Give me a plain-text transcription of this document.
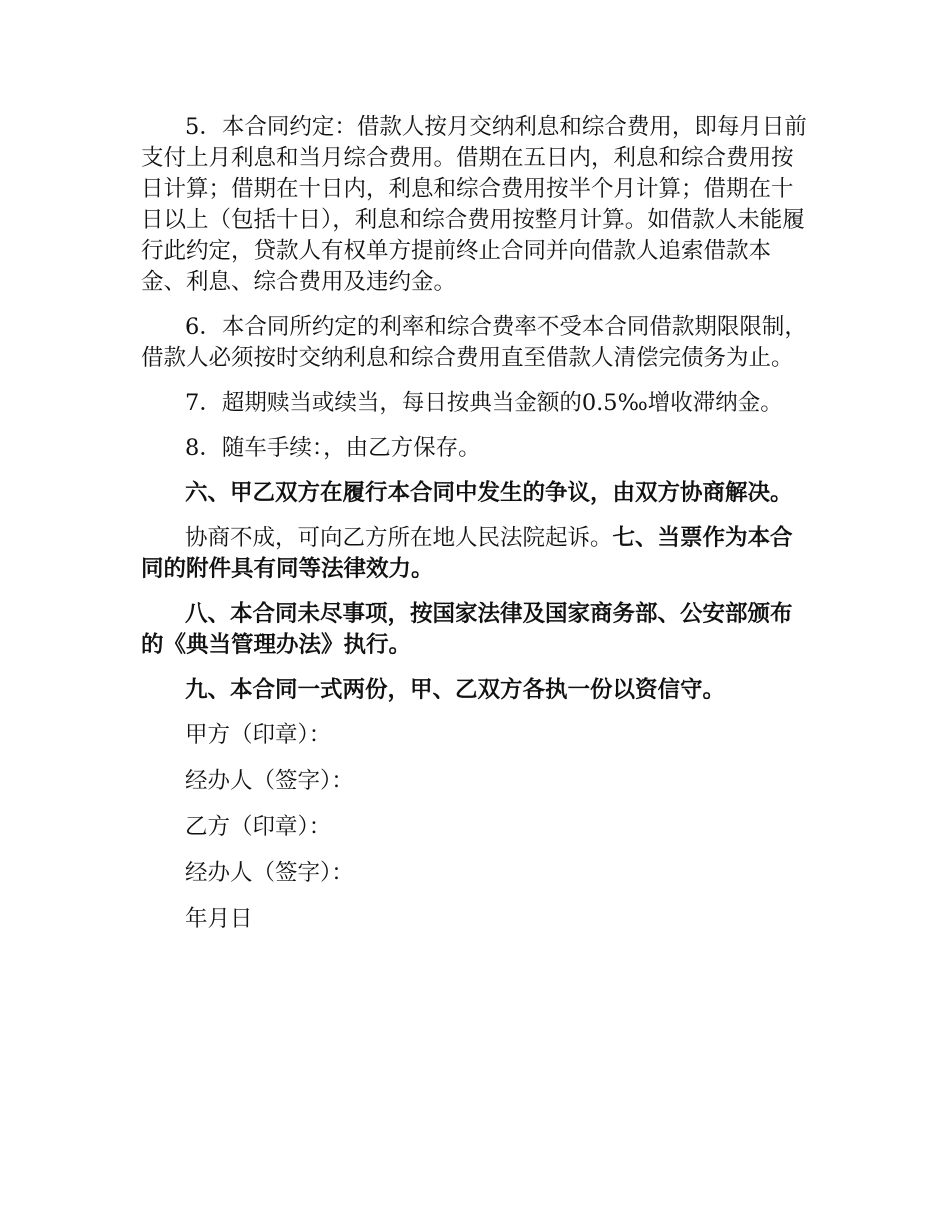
5．本合同约定：借款人按月交纳利息和综合费用，即每月日前支付上月利息和当月综合费用。借期在五日内，利息和综合费用按日计算；借期在十日内，利息和综合费用按半个月计算；借期在十日以上（包括十日），利息和综合费用按整月计算。如借款人未能履行此约定，贷款人有权单方提前终止合同并向借款人追索借款本金、利息、综合费用及违约金。

6．本合同所约定的利率和综合费率不受本合同借款期限限制，借款人必须按时交纳利息和综合费用直至借款人清偿完债务为止。

7．超期赎当或续当，每日按典当金额的0.5‰增收滞纳金。

8．随车手续：，由乙方保存。

六、甲乙双方在履行本合同中发生的争议，由双方协商解决。

协商不成，可向乙方所在地人民法院起诉。七、当票作为本合同的附件具有同等法律效力。

八、本合同未尽事项，按国家法律及国家商务部、公安部颁布的《典当管理办法》执行。

九、本合同一式两份，甲、乙双方各执一份以资信守。

甲方（印章）：

经办人（签字）：

乙方（印章）：

经办人（签字）：

年月日
